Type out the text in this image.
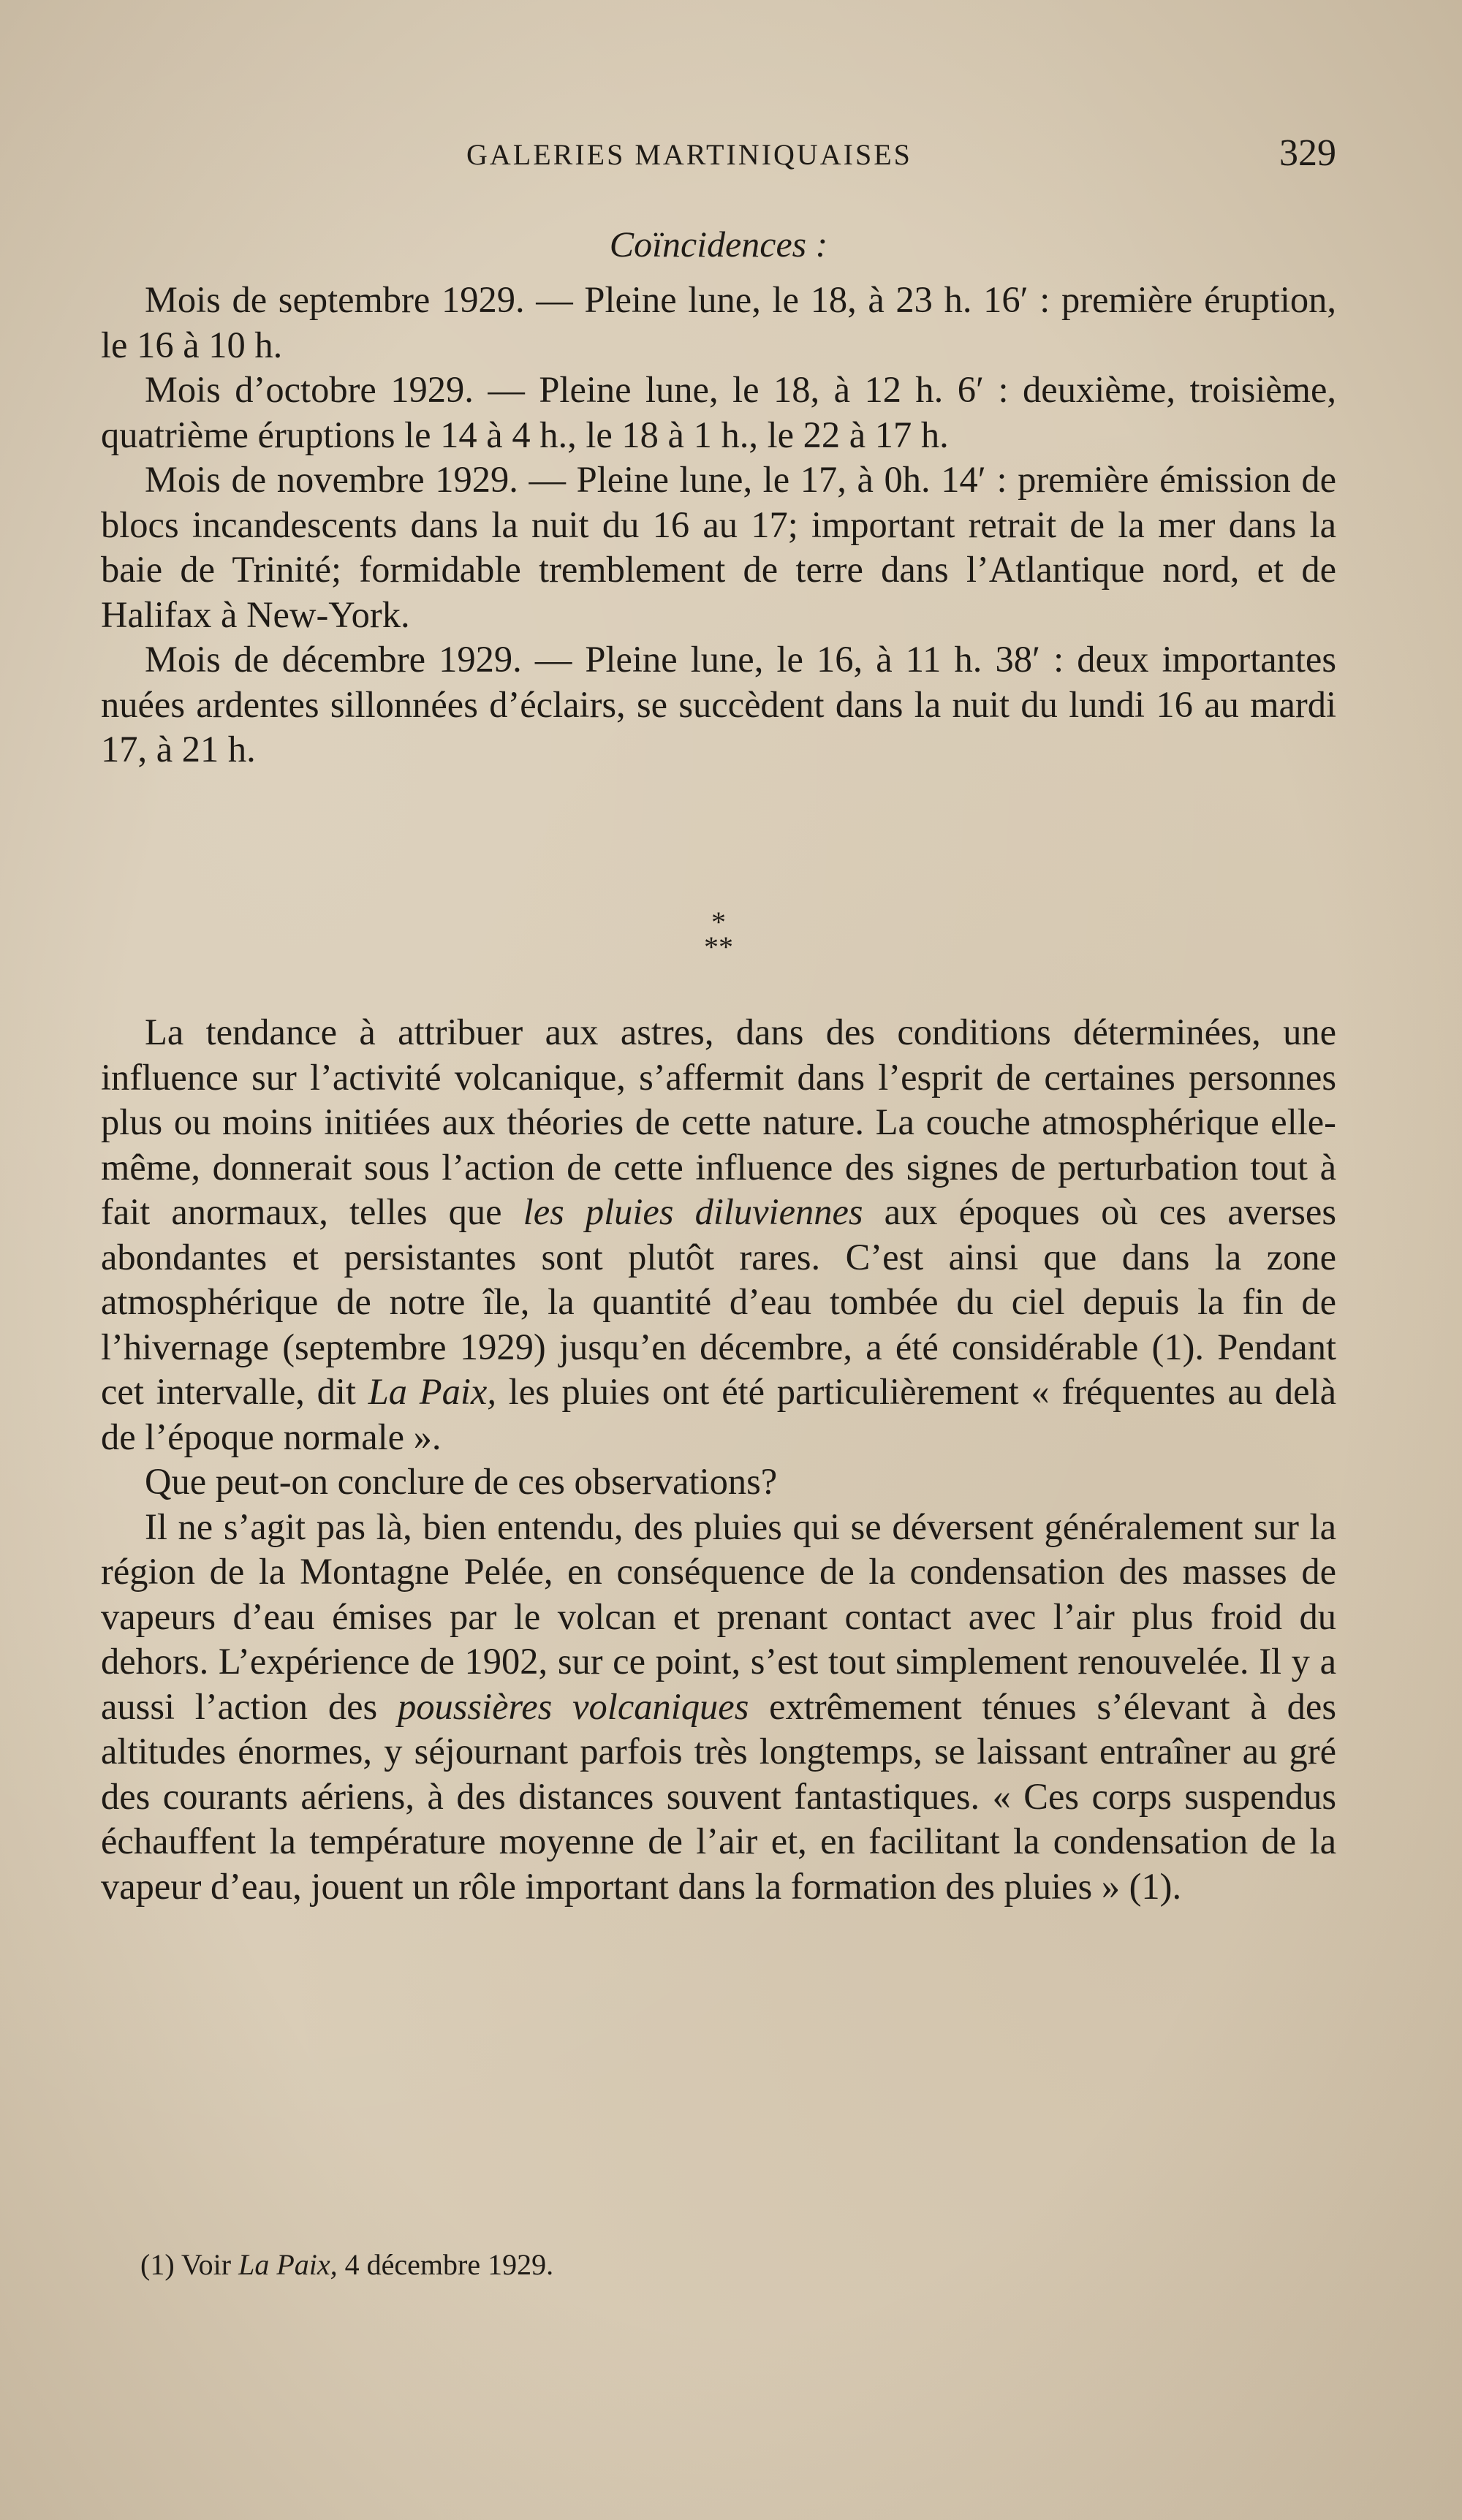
GALERIES MARTINIQUAISES	329
Coïncidences :

Mois de septembre 1929. — Pleine lune, le 18, à 23 h. 16′ : première éruption, le 16 à 10 h.

Mois d’octobre 1929. — Pleine lune, le 18, à 12 h. 6′ : deuxième, troisième, quatrième éruptions le 14 à 4 h., le 18 à 1 h., le 22 à 17 h.

Mois de novembre 1929. — Pleine lune, le 17, à 0h. 14′ : première émission de blocs incandescents dans la nuit du 16 au 17; important retrait de la mer dans la baie de Trinité; formidable tremblement de terre dans l’Atlantique nord, et de Halifax à New-York.

Mois de décembre 1929. — Pleine lune, le 16, à 11 h. 38′ : deux importantes nuées ardentes sillonnées d’éclairs, se succèdent dans la nuit du lundi 16 au mardi 17, à 21 h.

*
**

La tendance à attribuer aux astres, dans des conditions déterminées, une influence sur l’activité volcanique, s’affermit dans l’esprit de certaines personnes plus ou moins initiées aux théories de cette nature. La couche atmosphérique elle-même, donnerait sous l’action de cette influence des signes de perturbation tout à fait anormaux, telles que les pluies diluviennes aux époques où ces averses abondantes et persistantes sont plutôt rares. C’est ainsi que dans la zone atmosphérique de notre île, la quantité d’eau tombée du ciel depuis la fin de l’hivernage (septembre 1929) jusqu’en décembre, a été considérable (1). Pendant cet intervalle, dit La Paix, les pluies ont été particulièrement « fréquentes au delà de l’époque normale ».

Que peut-on conclure de ces observations?

Il ne s’agit pas là, bien entendu, des pluies qui se déversent généralement sur la région de la Montagne Pelée, en conséquence de la condensation des masses de vapeurs d’eau émises par le volcan et prenant contact avec l’air plus froid du dehors. L’expérience de 1902, sur ce point, s’est tout simplement renouvelée. Il y a aussi l’action des poussières volcaniques extrêmement ténues s’élevant à des altitudes énormes, y séjournant parfois très longtemps, se laissant entraîner au gré des courants aériens, à des distances souvent fantastiques. « Ces corps suspendus échauffent la température moyenne de l’air et, en facilitant la condensation de la vapeur d’eau, jouent un rôle important dans la formation des pluies » (1).

(1) Voir La Paix, 4 décembre 1929.
